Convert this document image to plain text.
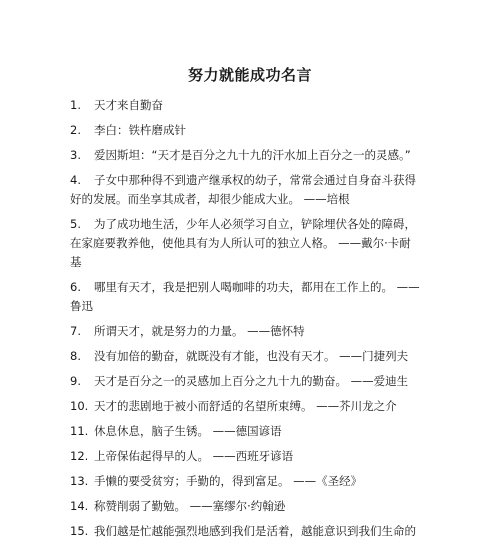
努力就能成功名言
1. 天才来自勤奋
2. 李白：铁杵磨成针
3. 爱因斯坦：“天才是百分之九十九的汗水加上百分之一的灵感。”
4. 子女中那种得不到遗产继承权的幼子，常常会通过自身奋斗获得好的发展。而坐享其成者，却很少能成大业。 ——培根
5. 为了成功地生活，少年人必须学习自立，铲除埋伏各处的障碍，在家庭要教养他，使他具有为人所认可的独立人格。 ——戴尔·卡耐基
6. 哪里有天才，我是把别人喝咖啡的功夫，都用在工作上的。 ——鲁迅
7. 所谓天才，就是努力的力量。 ——德怀特
8. 没有加倍的勤奋，就既没有才能，也没有天才。 ——门捷列夫
9. 天才是百分之一的灵感加上百分之九十九的勤奋。 ——爱迪生
10. 天才的悲剧地于被小而舒适的名望所束缚。 ——芥川龙之介
11. 休息休息，脑子生锈。 ——德国谚语
12. 上帝保佑起得早的人。 ——西班牙谚语
13. 手懒的要受贫穷；手勤的，得到富足。 ——《圣经》
14. 称赞削弱了勤勉。 ——塞缪尔·约翰逊
15. 我们越是忙越能强烈地感到我们是活着，越能意识到我们生命的
